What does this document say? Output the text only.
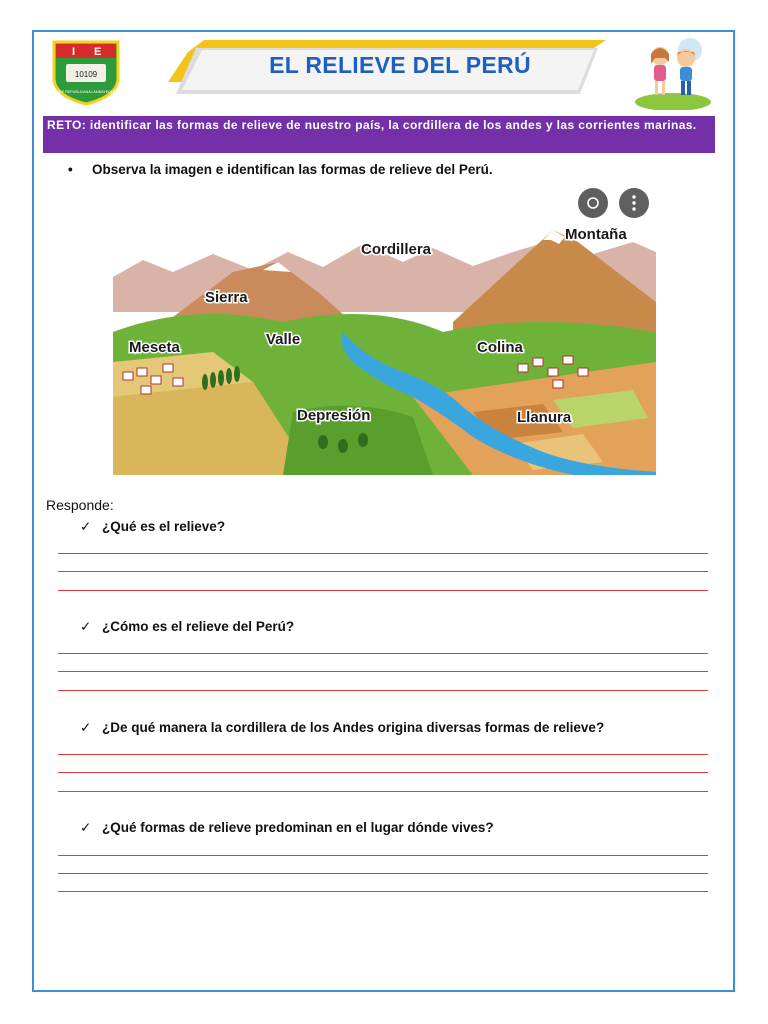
I E
10109
ISEE REPUBLICANA LAMBAYEQUE
EL RELIEVE DEL PERÚ
RETO: identificar las formas de relieve de nuestro país, la cordillera de los andes y las corrientes marinas.
• Observa la imagen e identifican las formas de relieve del Perú.
Cordillera
Montaña
Sierra
Valle
Meseta	Colina
Depresión	Llanura
Responde:
✓ ¿Qué es el relieve?
✓ ¿Cómo es el relieve del Perú?
✓ ¿De qué manera la cordillera de los Andes origina diversas formas de relieve?
✓ ¿Qué formas de relieve predominan en el lugar dónde vives?
